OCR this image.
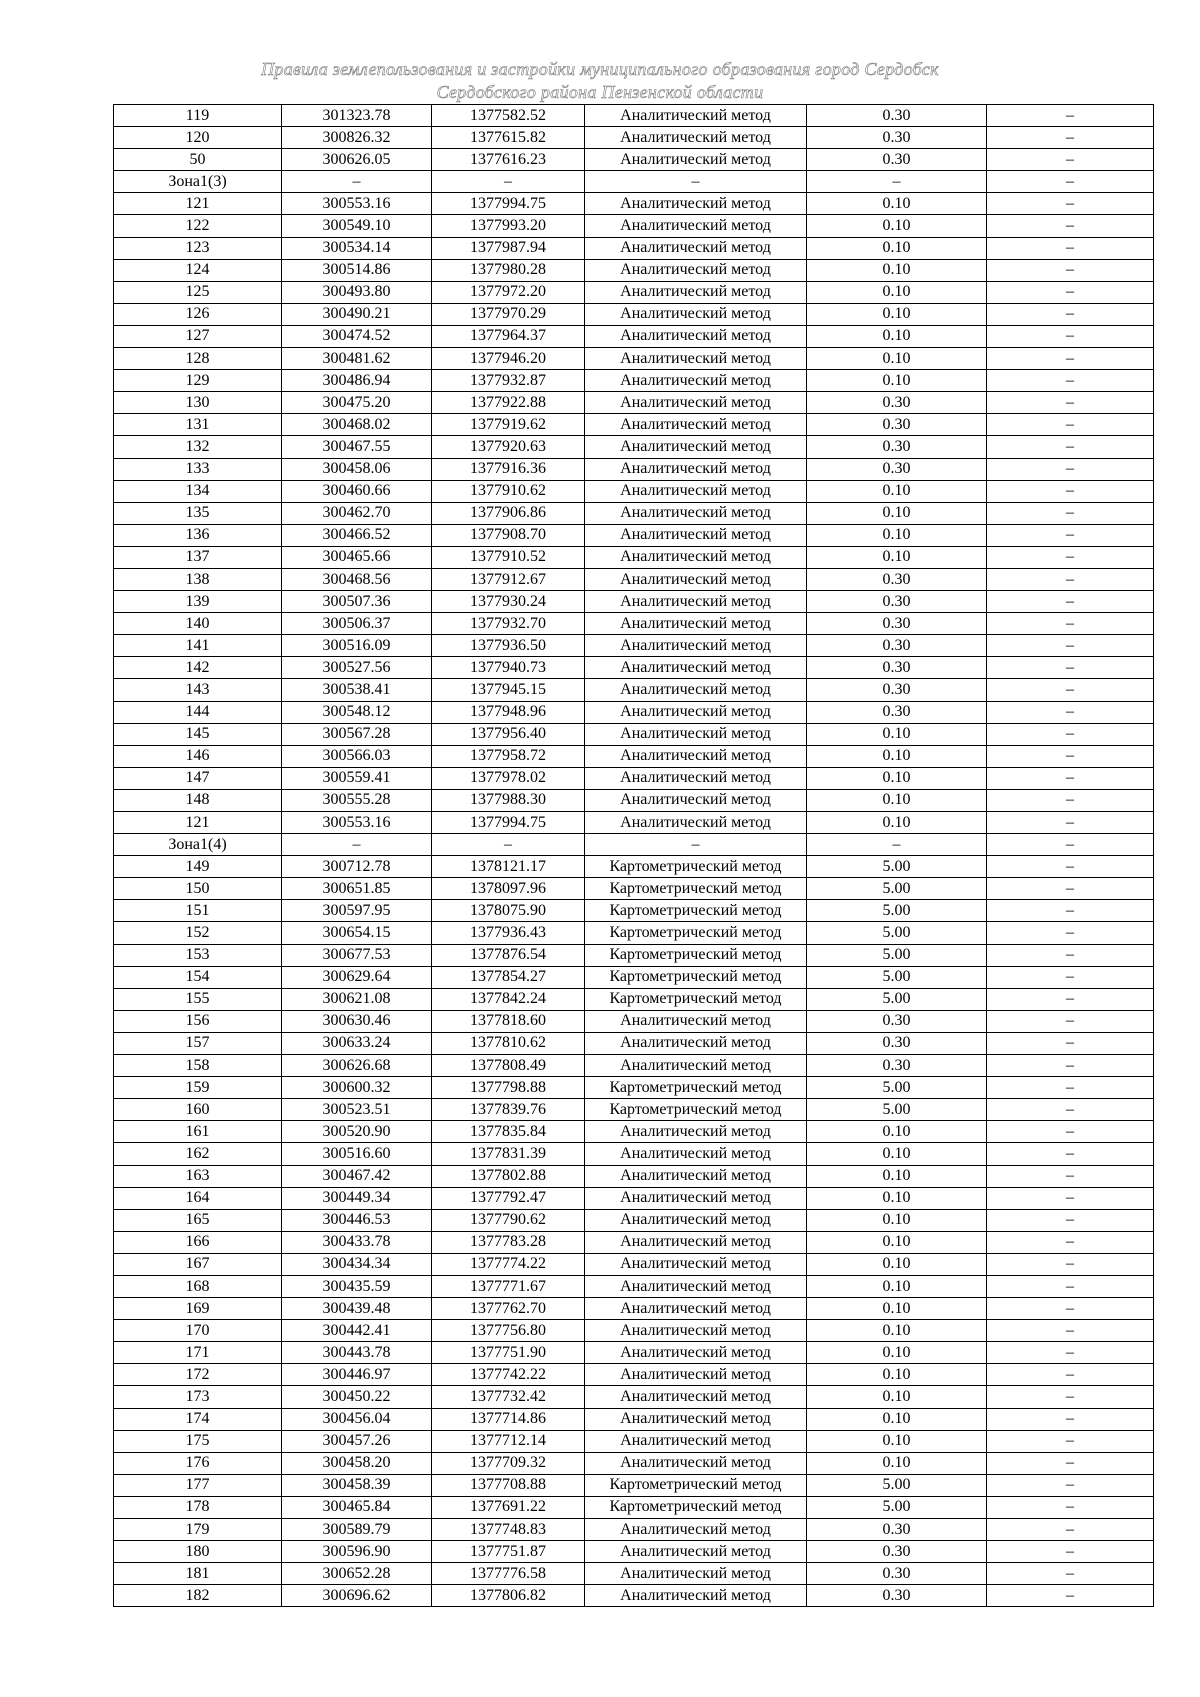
Правила землепользования и застройки муниципального образования город Сердобск
Сердобского района Пензенской области
119	301323.78	1377582.52	Аналитический метод	0.30	–
120	300826.32	1377615.82	Аналитический метод	0.30	–
50	300626.05	1377616.23	Аналитический метод	0.30	–
Зона1(3)	–	–	–	–	–
121	300553.16	1377994.75	Аналитический метод	0.10	–
122	300549.10	1377993.20	Аналитический метод	0.10	–
123	300534.14	1377987.94	Аналитический метод	0.10	–
124	300514.86	1377980.28	Аналитический метод	0.10	–
125	300493.80	1377972.20	Аналитический метод	0.10	–
126	300490.21	1377970.29	Аналитический метод	0.10	–
127	300474.52	1377964.37	Аналитический метод	0.10	–
128	300481.62	1377946.20	Аналитический метод	0.10	–
129	300486.94	1377932.87	Аналитический метод	0.10	–
130	300475.20	1377922.88	Аналитический метод	0.30	–
131	300468.02	1377919.62	Аналитический метод	0.30	–
132	300467.55	1377920.63	Аналитический метод	0.30	–
133	300458.06	1377916.36	Аналитический метод	0.30	–
134	300460.66	1377910.62	Аналитический метод	0.10	–
135	300462.70	1377906.86	Аналитический метод	0.10	–
136	300466.52	1377908.70	Аналитический метод	0.10	–
137	300465.66	1377910.52	Аналитический метод	0.10	–
138	300468.56	1377912.67	Аналитический метод	0.30	–
139	300507.36	1377930.24	Аналитический метод	0.30	–
140	300506.37	1377932.70	Аналитический метод	0.30	–
141	300516.09	1377936.50	Аналитический метод	0.30	–
142	300527.56	1377940.73	Аналитический метод	0.30	–
143	300538.41	1377945.15	Аналитический метод	0.30	–
144	300548.12	1377948.96	Аналитический метод	0.30	–
145	300567.28	1377956.40	Аналитический метод	0.10	–
146	300566.03	1377958.72	Аналитический метод	0.10	–
147	300559.41	1377978.02	Аналитический метод	0.10	–
148	300555.28	1377988.30	Аналитический метод	0.10	–
121	300553.16	1377994.75	Аналитический метод	0.10	–
Зона1(4)	–	–	–	–	–
149	300712.78	1378121.17	Картометрический метод	5.00	–
150	300651.85	1378097.96	Картометрический метод	5.00	–
151	300597.95	1378075.90	Картометрический метод	5.00	–
152	300654.15	1377936.43	Картометрический метод	5.00	–
153	300677.53	1377876.54	Картометрический метод	5.00	–
154	300629.64	1377854.27	Картометрический метод	5.00	–
155	300621.08	1377842.24	Картометрический метод	5.00	–
156	300630.46	1377818.60	Аналитический метод	0.30	–
157	300633.24	1377810.62	Аналитический метод	0.30	–
158	300626.68	1377808.49	Аналитический метод	0.30	–
159	300600.32	1377798.88	Картометрический метод	5.00	–
160	300523.51	1377839.76	Картометрический метод	5.00	–
161	300520.90	1377835.84	Аналитический метод	0.10	–
162	300516.60	1377831.39	Аналитический метод	0.10	–
163	300467.42	1377802.88	Аналитический метод	0.10	–
164	300449.34	1377792.47	Аналитический метод	0.10	–
165	300446.53	1377790.62	Аналитический метод	0.10	–
166	300433.78	1377783.28	Аналитический метод	0.10	–
167	300434.34	1377774.22	Аналитический метод	0.10	–
168	300435.59	1377771.67	Аналитический метод	0.10	–
169	300439.48	1377762.70	Аналитический метод	0.10	–
170	300442.41	1377756.80	Аналитический метод	0.10	–
171	300443.78	1377751.90	Аналитический метод	0.10	–
172	300446.97	1377742.22	Аналитический метод	0.10	–
173	300450.22	1377732.42	Аналитический метод	0.10	–
174	300456.04	1377714.86	Аналитический метод	0.10	–
175	300457.26	1377712.14	Аналитический метод	0.10	–
176	300458.20	1377709.32	Аналитический метод	0.10	–
177	300458.39	1377708.88	Картометрический метод	5.00	–
178	300465.84	1377691.22	Картометрический метод	5.00	–
179	300589.79	1377748.83	Аналитический метод	0.30	–
180	300596.90	1377751.87	Аналитический метод	0.30	–
181	300652.28	1377776.58	Аналитический метод	0.30	–
182	300696.62	1377806.82	Аналитический метод	0.30	–
